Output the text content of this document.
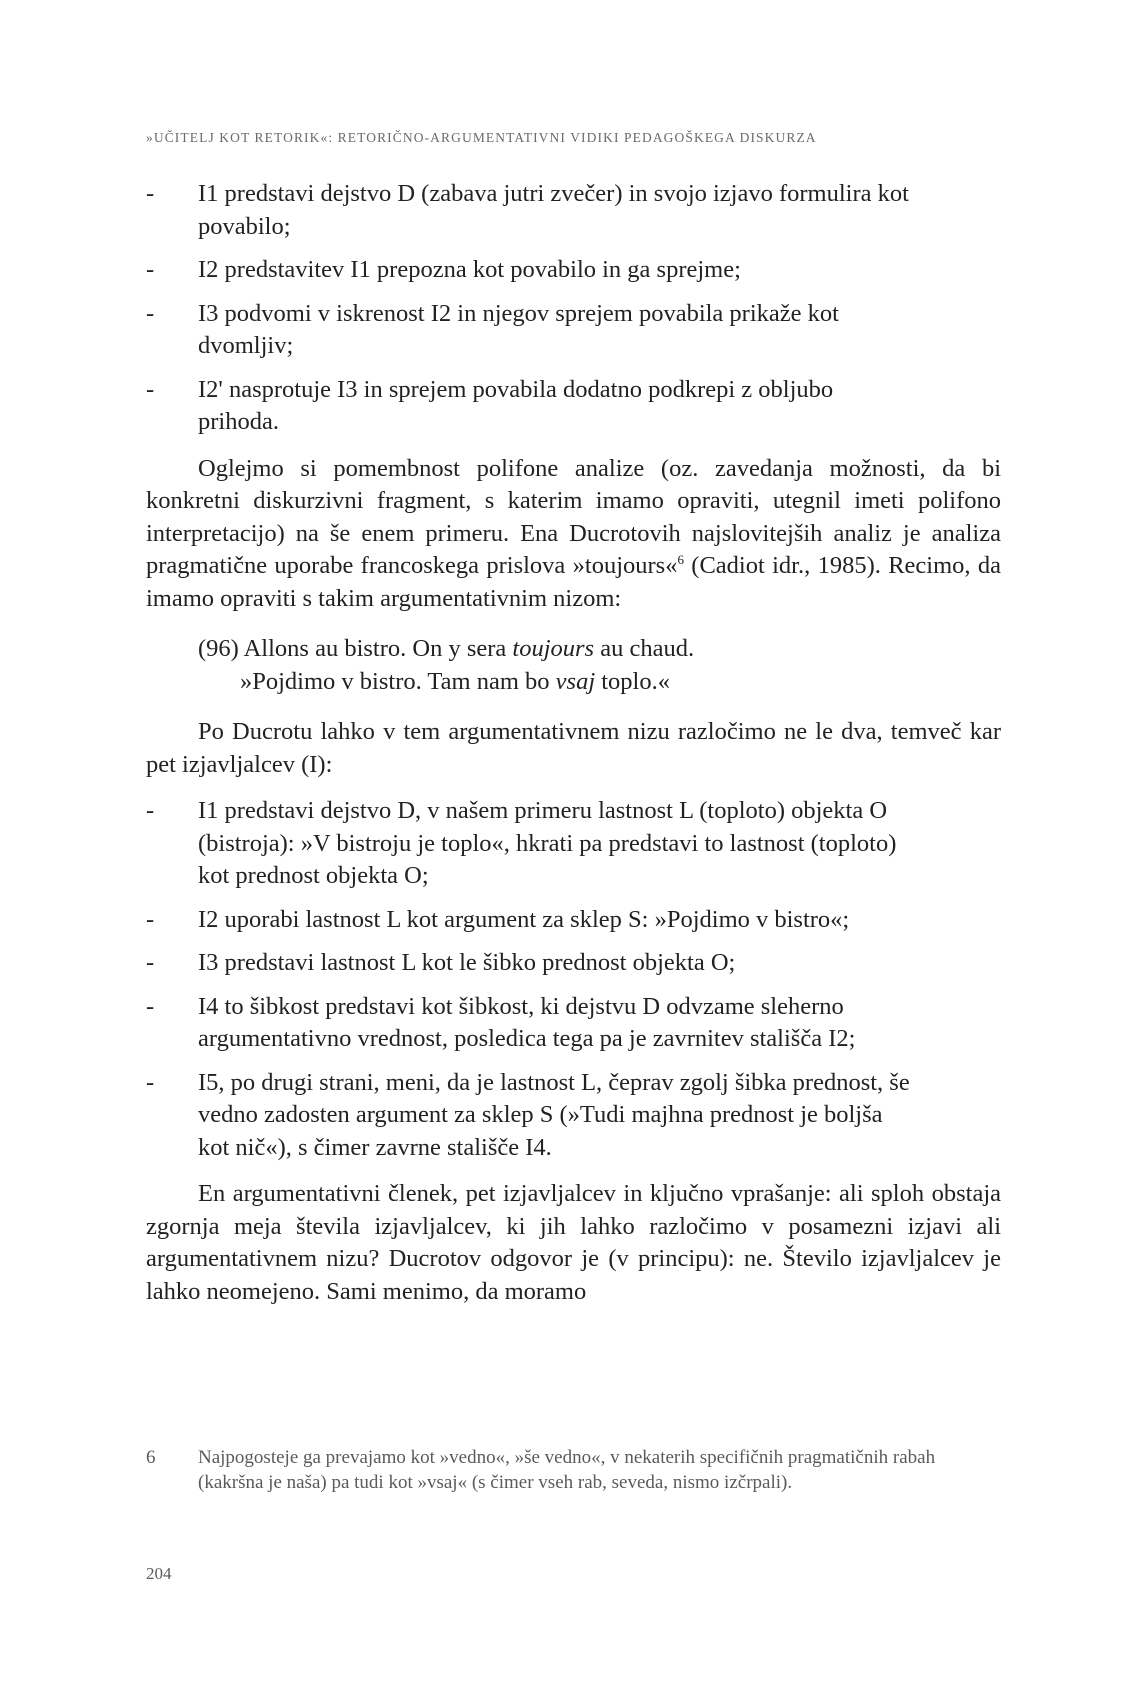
»UČITELJ KOT RETORIK«: RETORIČNO-ARGUMENTATIVNI VIDIKI PEDAGOŠKEGA DISKURZA
- I1 predstavi dejstvo D (zabava jutri zvečer) in svojo izjavo formulira kot povabilo;
- I2 predstavitev I1 prepozna kot povabilo in ga sprejme;
- I3 podvomi v iskrenost I2 in njegov sprejem povabila prikaže kot dvomljiv;
- I2' nasprotuje I3 in sprejem povabila dodatno podkrepi z obljubo prihoda.

Oglejmo si pomembnost polifone analize (oz. zavedanja možnosti, da bi konkretni diskurzivni fragment, s katerim imamo opraviti, utegnil imeti polifono interpretacijo) na še enem primeru. Ena Ducrotovih najslovitejših analiz je analiza pragmatične uporabe francoskega prislova »toujours«$^6$ (Cadiot idr., 1985). Recimo, da imamo opraviti s takim argumentativnim nizom:

(96) Allons au bistro. On y sera toujours au chaud.
»Pojdimo v bistro. Tam nam bo vsaj toplo.«

Po Ducrotu lahko v tem argumentativnem nizu razločimo ne le dva, temveč kar pet izjavljalcev (I):

- I1 predstavi dejstvo D, v našem primeru lastnost L (toploto) objekta O (bistroja): »V bistroju je toplo«, hkrati pa predstavi to lastnost (toploto) kot prednost objekta O;
- I2 uporabi lastnost L kot argument za sklep S: »Pojdimo v bistro«;
- I3 predstavi lastnost L kot le šibko prednost objekta O;
- I4 to šibkost predstavi kot šibkost, ki dejstvu D odvzame sleherno argumentativno vrednost, posledica tega pa je zavrnitev stališča I2;
- I5, po drugi strani, meni, da je lastnost L, čeprav zgolj šibka prednost, še vedno zadosten argument za sklep S (»Tudi majhna prednost je boljša kot nič«), s čimer zavrne stališče I4.

En argumentativni členek, pet izjavljalcev in ključno vprašanje: ali sploh obstaja zgornja meja števila izjavljalcev, ki jih lahko razločimo v posamezni izjavi ali argumentativnem nizu? Ducrotov odgovor je (v principu): ne. Število izjavljalcev je lahko neomejeno. Sami menimo, da moramo

6	Najpogosteje ga prevajamo kot »vedno«, »še vedno«, v nekaterih specifičnih pragmatičnih rabah (kakršna je naša) pa tudi kot »vsaj« (s čimer vseh rab, seveda, nismo izčrpali).
204
